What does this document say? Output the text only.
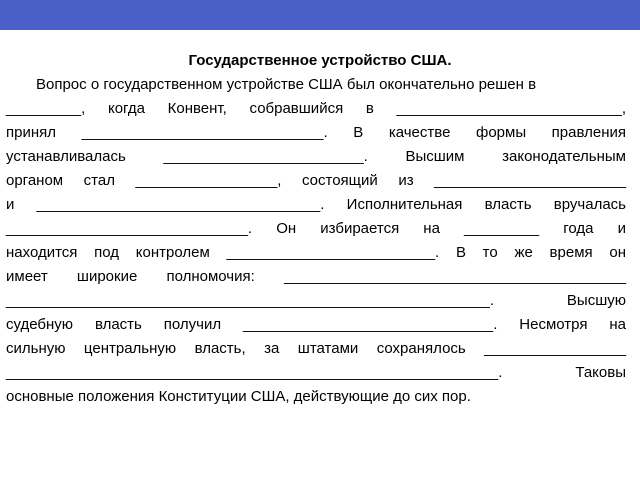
Государственное устройство США.
Вопрос о государственном устройстве США был окончательно решен в
_________, когда Конвент, собравшийся в ___________________________,
принял _____________________________. В качестве формы правления
устанавливалась ________________________. Высшим законодательным
органом стал _________________, состоящий из _______________________
и __________________________________. Исполнительная власть вручалась
_____________________________. Он избирается на _________ года и
находится под контролем _________________________. В то же время он
имеет широкие полномочия: _________________________________________
__________________________________________________________. Высшую
судебную власть получил ______________________________. Несмотря на
сильную центральную власть, за штатами сохранялось _________________
___________________________________________________________. Таковы
основные положения Конституции США, действующие до сих пор.
